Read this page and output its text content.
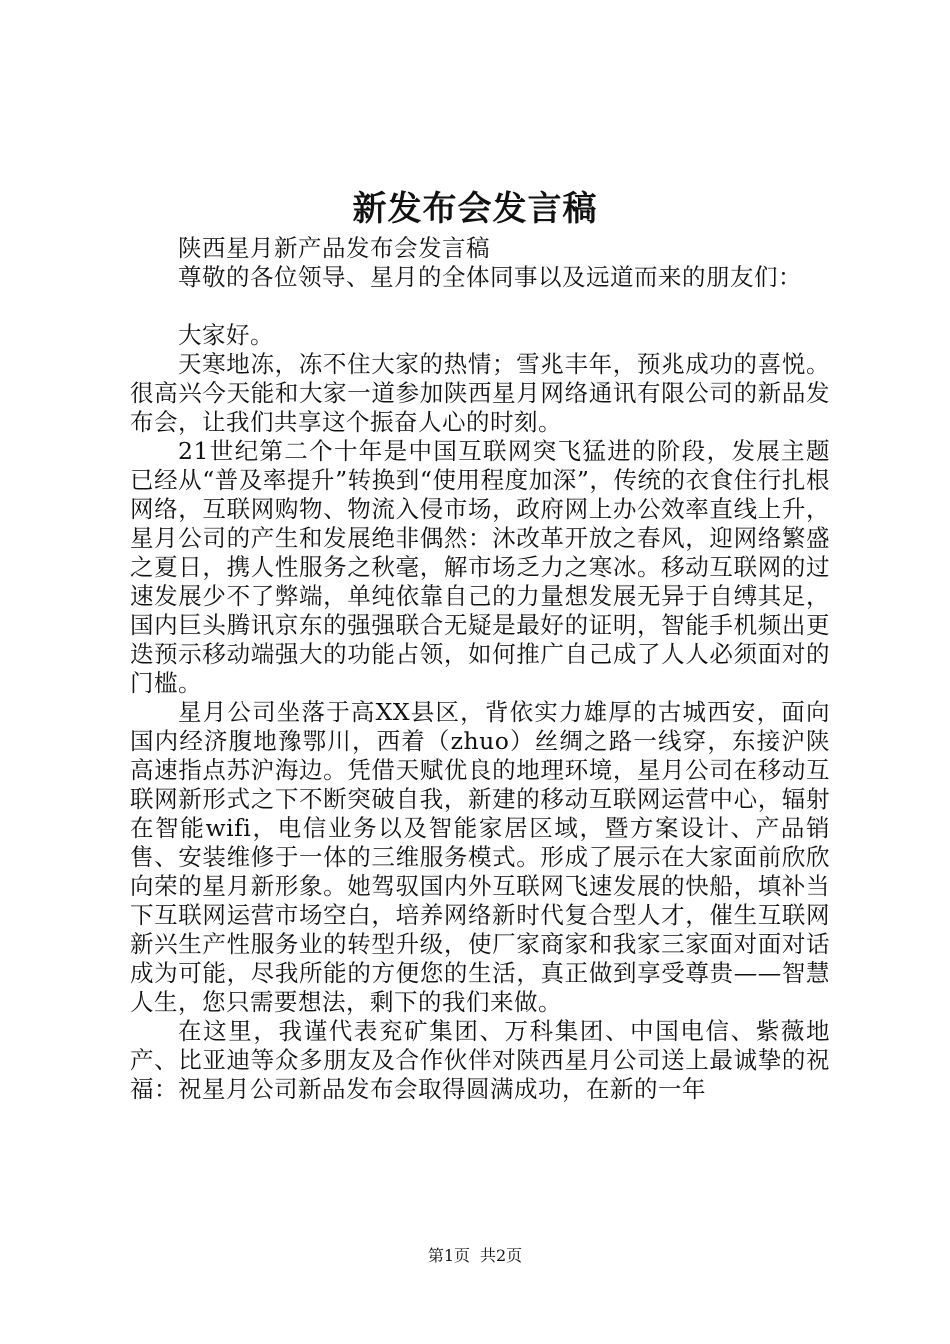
新发布会发言稿

陕西星月新产品发布会发言稿

尊敬的各位领导、星月的全体同事以及远道而来的朋友们：

大家好。

天寒地冻，冻不住大家的热情；雪兆丰年，预兆成功的喜悦。很高兴今天能和大家一道参加陕西星月网络通讯有限公司的新品发布会，让我们共享这个振奋人心的时刻。

21世纪第二个十年是中国互联网突飞猛进的阶段，发展主题已经从“普及率提升”转换到“使用程度加深”，传统的衣食住行扎根网络，互联网购物、物流入侵市场，政府网上办公效率直线上升，星月公司的产生和发展绝非偶然：沐改革开放之春风，迎网络繁盛之夏日，携人性服务之秋毫，解市场乏力之寒冰。移动互联网的过速发展少不了弊端，单纯依靠自己的力量想发展无异于自缚其足，国内巨头腾讯京东的强强联合无疑是最好的证明，智能手机频出更迭预示移动端强大的功能占领，如何推广自己成了人人必须面对的门槛。

星月公司坐落于高XX县区，背依实力雄厚的古城西安，面向国内经济腹地豫鄂川，西着（zhuo）丝绸之路一线穿，东接沪陕高速指点苏沪海边。凭借天赋优良的地理环境，星月公司在移动互联网新形式之下不断突破自我，新建的移动互联网运营中心，辐射在智能wifi，电信业务以及智能家居区域，暨方案设计、产品销售、安装维修于一体的三维服务模式。形成了展示在大家面前欣欣向荣的星月新形象。她驾驭国内外互联网飞速发展的快船，填补当下互联网运营市场空白，培养网络新时代复合型人才，催生互联网新兴生产性服务业的转型升级，使厂家商家和我家三家面对面对话成为可能，尽我所能的方便您的生活，真正做到享受尊贵——智慧人生，您只需要想法，剩下的我们来做。

在这里，我谨代表兖矿集团、万科集团、中国电信、紫薇地产、比亚迪等众多朋友及合作伙伴对陕西星月公司送上最诚挚的祝福：祝星月公司新品发布会取得圆满成功，在新的一年

第1页 共2页
